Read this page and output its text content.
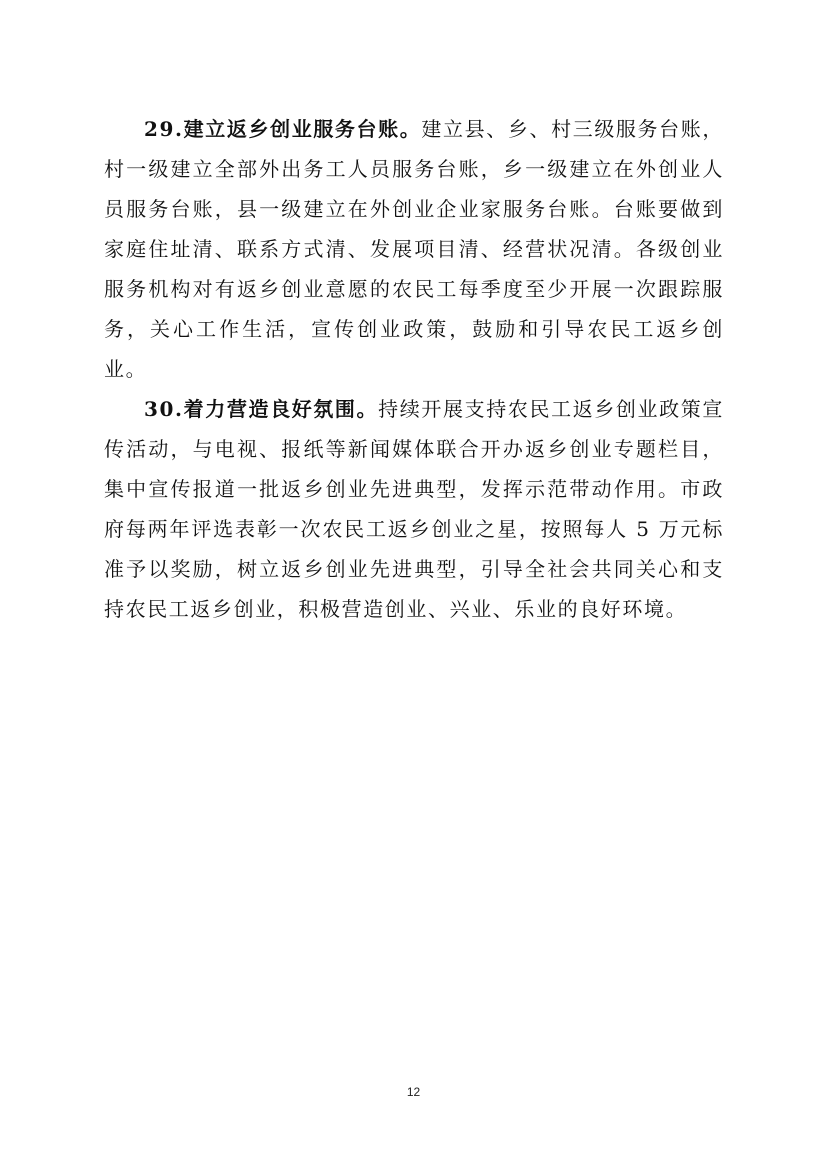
29.建立返乡创业服务台账。建立县、乡、村三级服务台账，村一级建立全部外出务工人员服务台账，乡一级建立在外创业人员服务台账，县一级建立在外创业企业家服务台账。台账要做到家庭住址清、联系方式清、发展项目清、经营状况清。各级创业服务机构对有返乡创业意愿的农民工每季度至少开展一次跟踪服务，关心工作生活，宣传创业政策，鼓励和引导农民工返乡创业。

30.着力营造良好氛围。持续开展支持农民工返乡创业政策宣传活动，与电视、报纸等新闻媒体联合开办返乡创业专题栏目，集中宣传报道一批返乡创业先进典型，发挥示范带动作用。市政府每两年评选表彰一次农民工返乡创业之星，按照每人 5 万元标准予以奖励，树立返乡创业先进典型，引导全社会共同关心和支持农民工返乡创业，积极营造创业、兴业、乐业的良好环境。

12
